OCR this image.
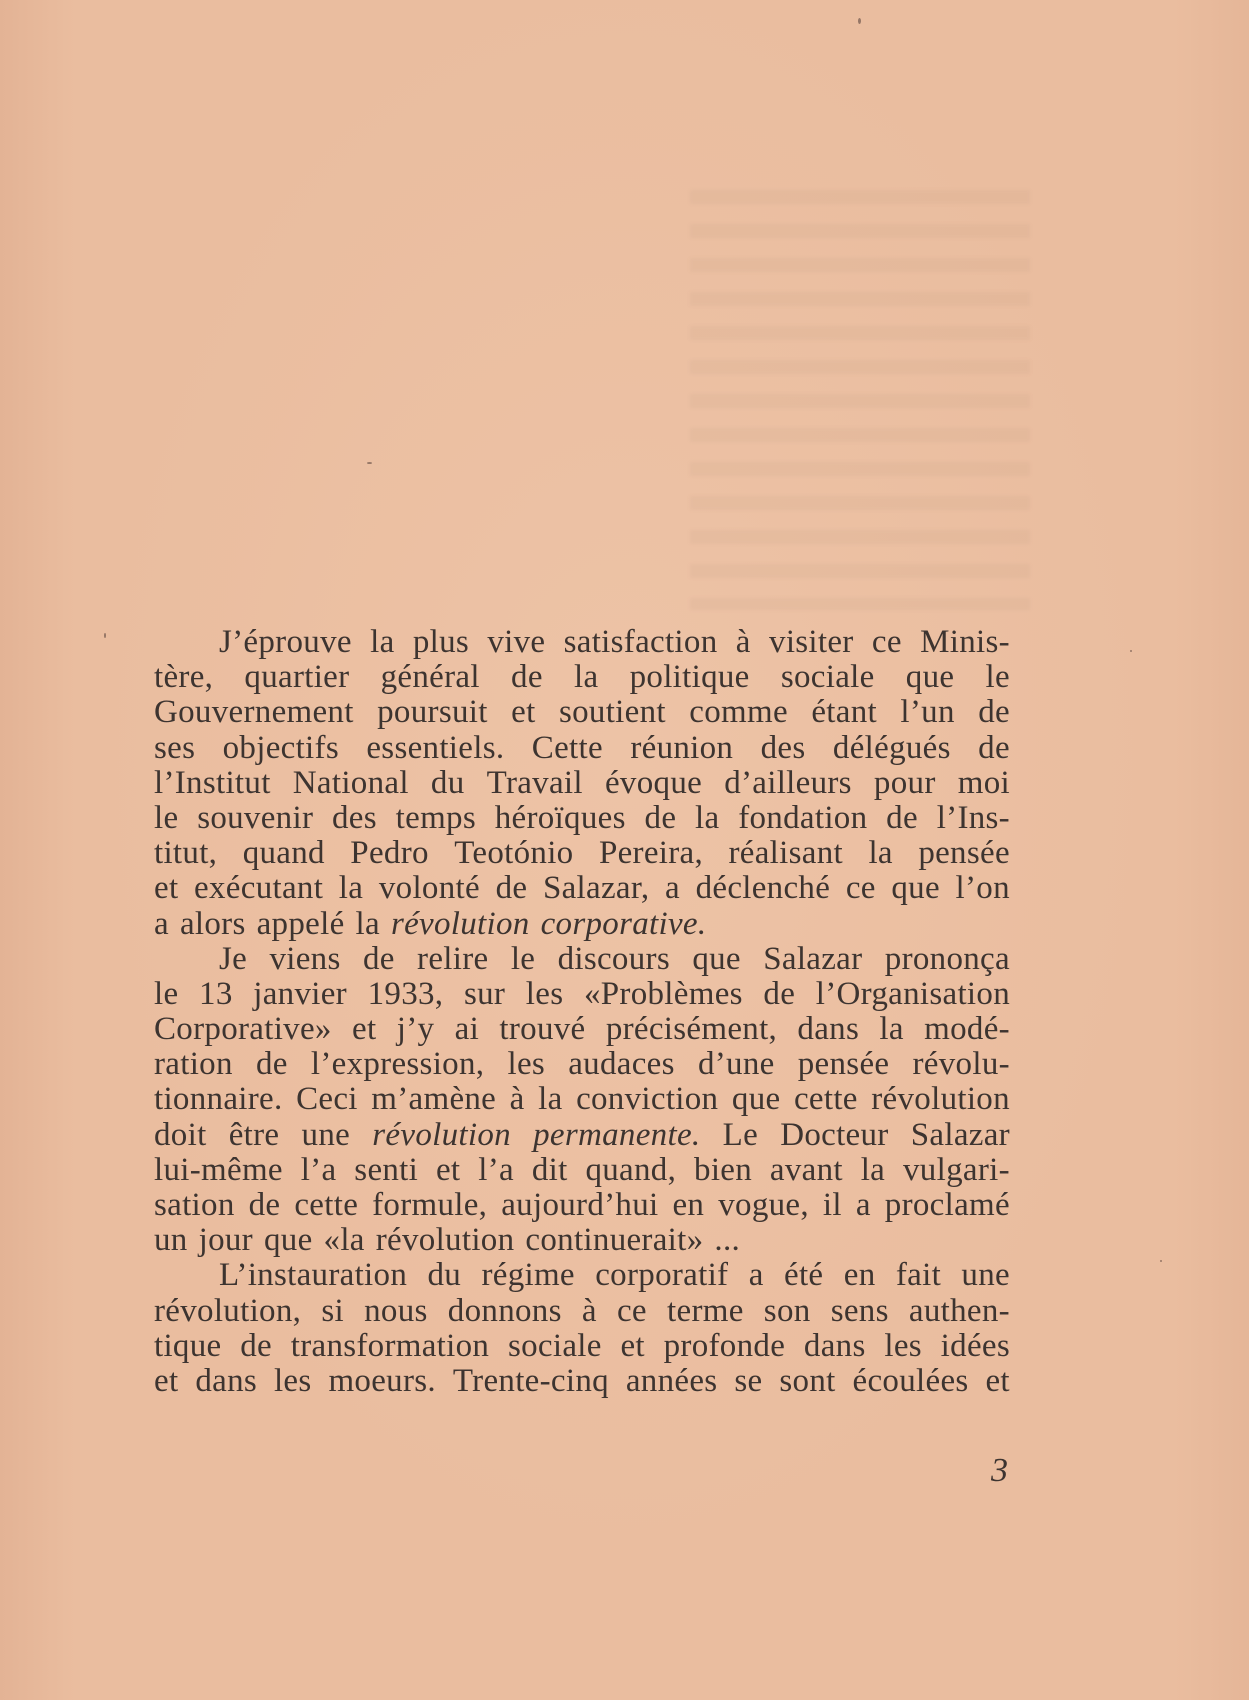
J’éprouve la plus vive satisfaction à visiter ce Minis-
tère, quartier général de la politique sociale que le
Gouvernement poursuit et soutient comme étant l’un de
ses objectifs essentiels. Cette réunion des délégués de
l’Institut National du Travail évoque d’ailleurs pour moi
le souvenir des temps héroïques de la fondation de l’Ins-
titut, quand Pedro Teotónio Pereira, réalisant la pensée
et exécutant la volonté de Salazar, a déclenché ce que l’on
a alors appelé la révolution corporative.
Je viens de relire le discours que Salazar prononça
le 13 janvier 1933, sur les «Problèmes de l’Organisation
Corporative» et j’y ai trouvé précisément, dans la modé-
ration de l’expression, les audaces d’une pensée révolu-
tionnaire. Ceci m’amène à la conviction que cette révolution
doit être une révolution permanente. Le Docteur Salazar
lui-même l’a senti et l’a dit quand, bien avant la vulgari-
sation de cette formule, aujourd’hui en vogue, il a proclamé
un jour que «la révolution continuerait» ...
L’instauration du régime corporatif a été en fait une
révolution, si nous donnons à ce terme son sens authen-
tique de transformation sociale et profonde dans les idées
et dans les moeurs. Trente-cinq années se sont écoulées et
3
